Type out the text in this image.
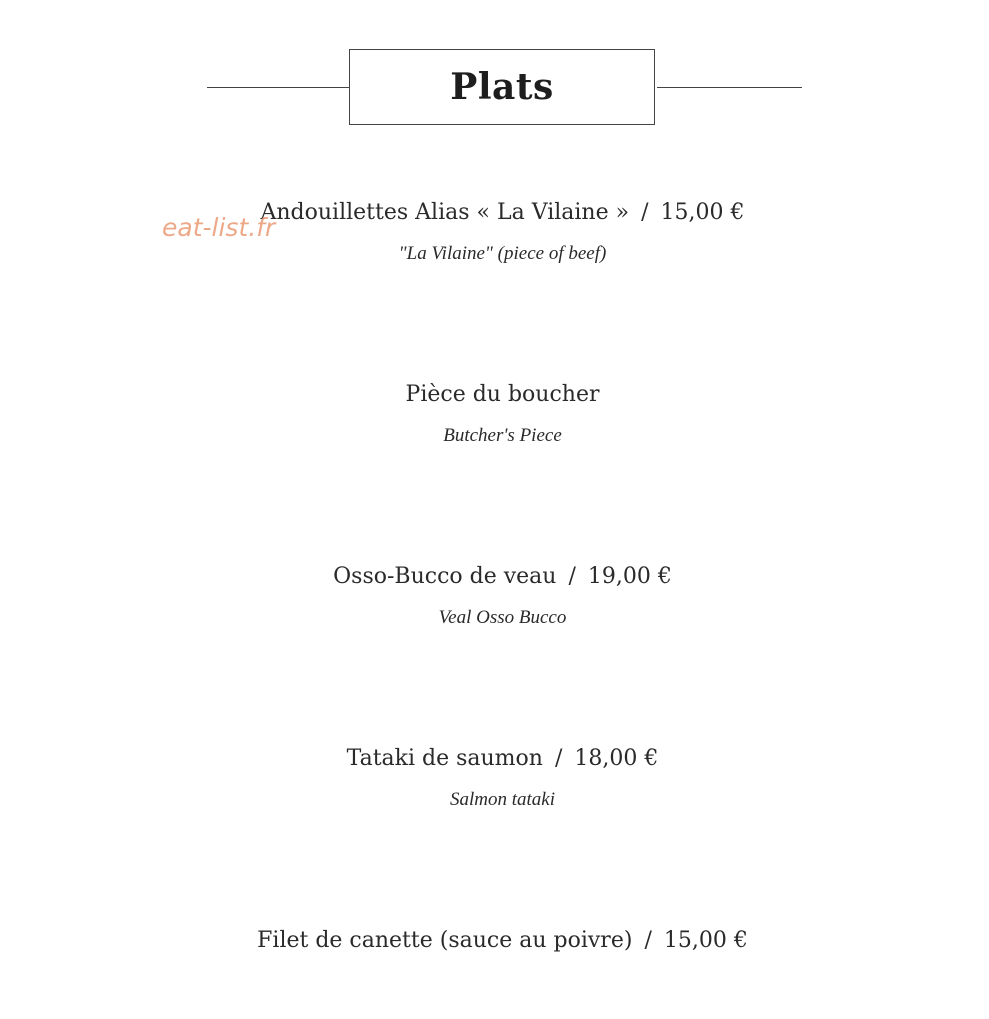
Plats
Andouillettes Alias « La Vilaine » / 15,00 €
"La Vilaine" (piece of beef)
Pièce du boucher
Butcher's Piece
Osso-Bucco de veau / 19,00 €
Veal Osso Bucco
Tataki de saumon / 18,00 €
Salmon tataki
Filet de canette (sauce au poivre) / 15,00 €
eat-list.fr
